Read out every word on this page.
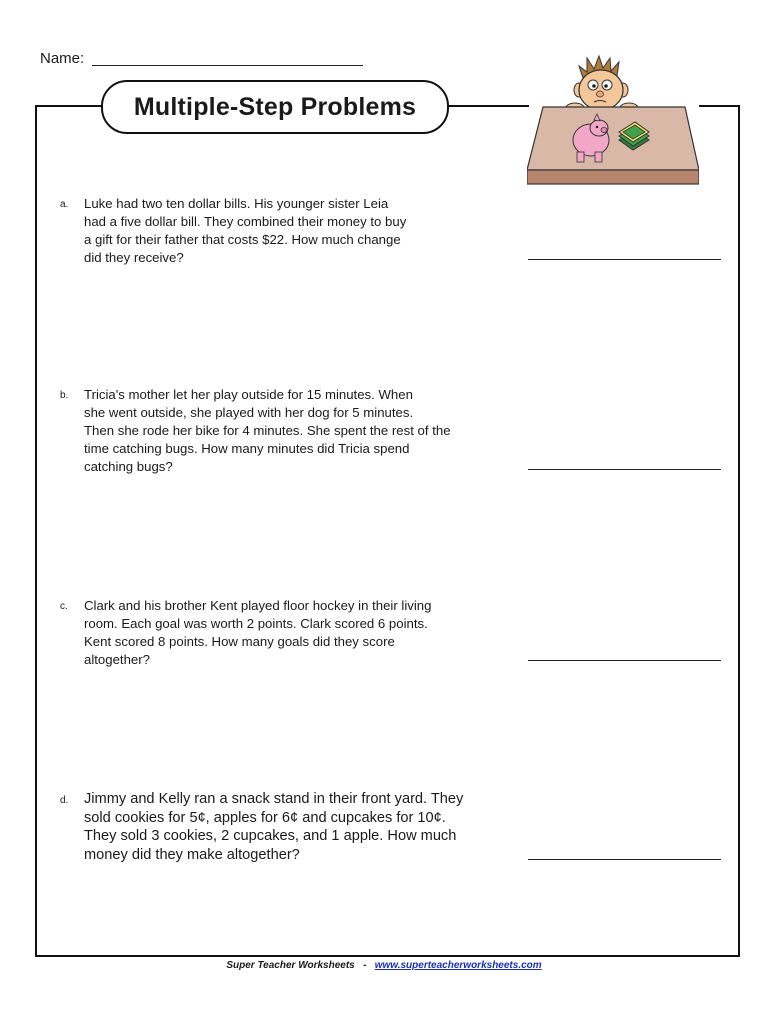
Name:
Multiple-Step Problems
a. Luke had two ten dollar bills. His younger sister Leia
had a five dollar bill. They combined their money to buy
a gift for their father that costs $22. How much change
did they receive?

b. Tricia's mother let her play outside for 15 minutes. When
she went outside, she played with her dog for 5 minutes.
Then she rode her bike for 4 minutes. She spent the rest of the
time catching bugs. How many minutes did Tricia spend
catching bugs?

c. Clark and his brother Kent played floor hockey in their living
room. Each goal was worth 2 points. Clark scored 6 points.
Kent scored 8 points. How many goals did they score
altogether?

d. Jimmy and Kelly ran a snack stand in their front yard. They
sold cookies for 5¢, apples for 6¢ and cupcakes for 10¢.
They sold 3 cookies, 2 cupcakes, and 1 apple. How much
money did they make altogether?

Super Teacher Worksheets - www.superteacherworksheets.com
